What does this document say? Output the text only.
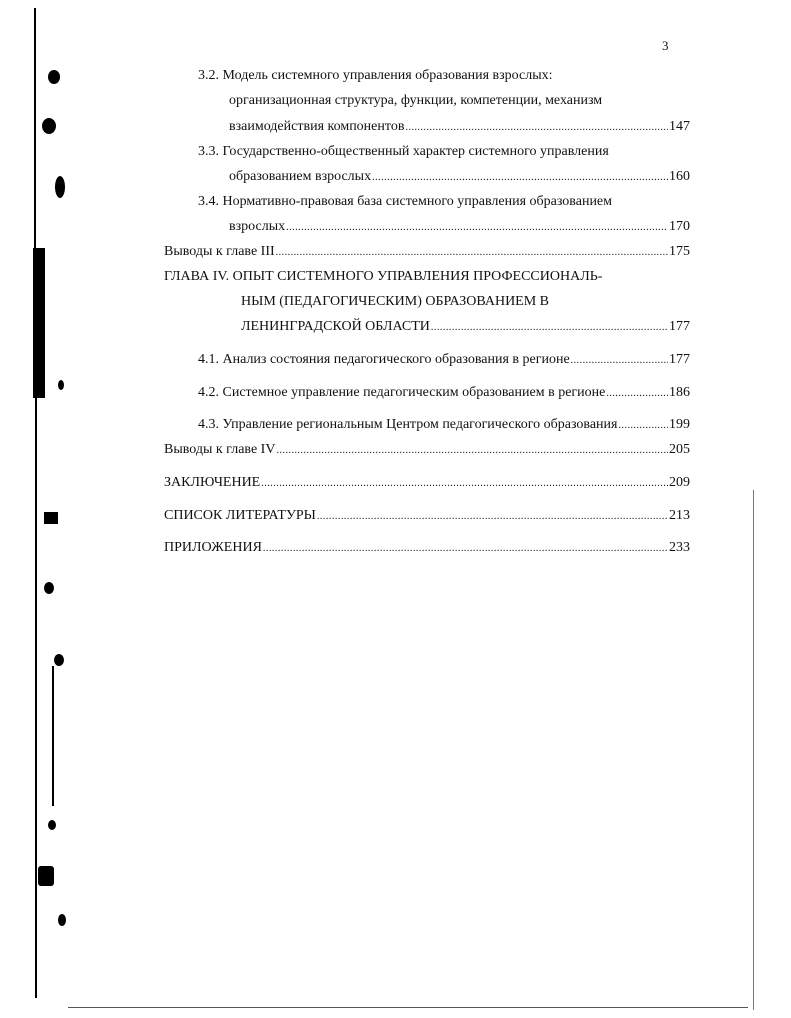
3
3.2. Модель системного управления образования взрослых:
организационная структура, функции, компетенции, механизм
взаимодействия компонентов .....	147
3.3. Государственно-общественный характер системного управления
образованием взрослых .....	160
3.4. Нормативно-правовая база системного управления образованием
взрослых .....	170
Выводы к главе III .....	175
ГЛАВА IV. ОПЫТ СИСТЕМНОГО УПРАВЛЕНИЯ ПРОФЕССИОНАЛЬ-
НЫМ (ПЕДАГОГИЧЕСКИМ) ОБРАЗОВАНИЕМ В
ЛЕНИНГРАДСКОЙ ОБЛАСТИ .....	177
4.1. Анализ состояния педагогического образования в регионе .....	177
4.2. Системное управление педагогическим образованием в регионе .....	186
4.3. Управление региональным Центром педагогического образования .....	199
Выводы к главе IV .....	205
ЗАКЛЮЧЕНИЕ .....	209
СПИСОК ЛИТЕРАТУРЫ .....	213
ПРИЛОЖЕНИЯ .....	233
